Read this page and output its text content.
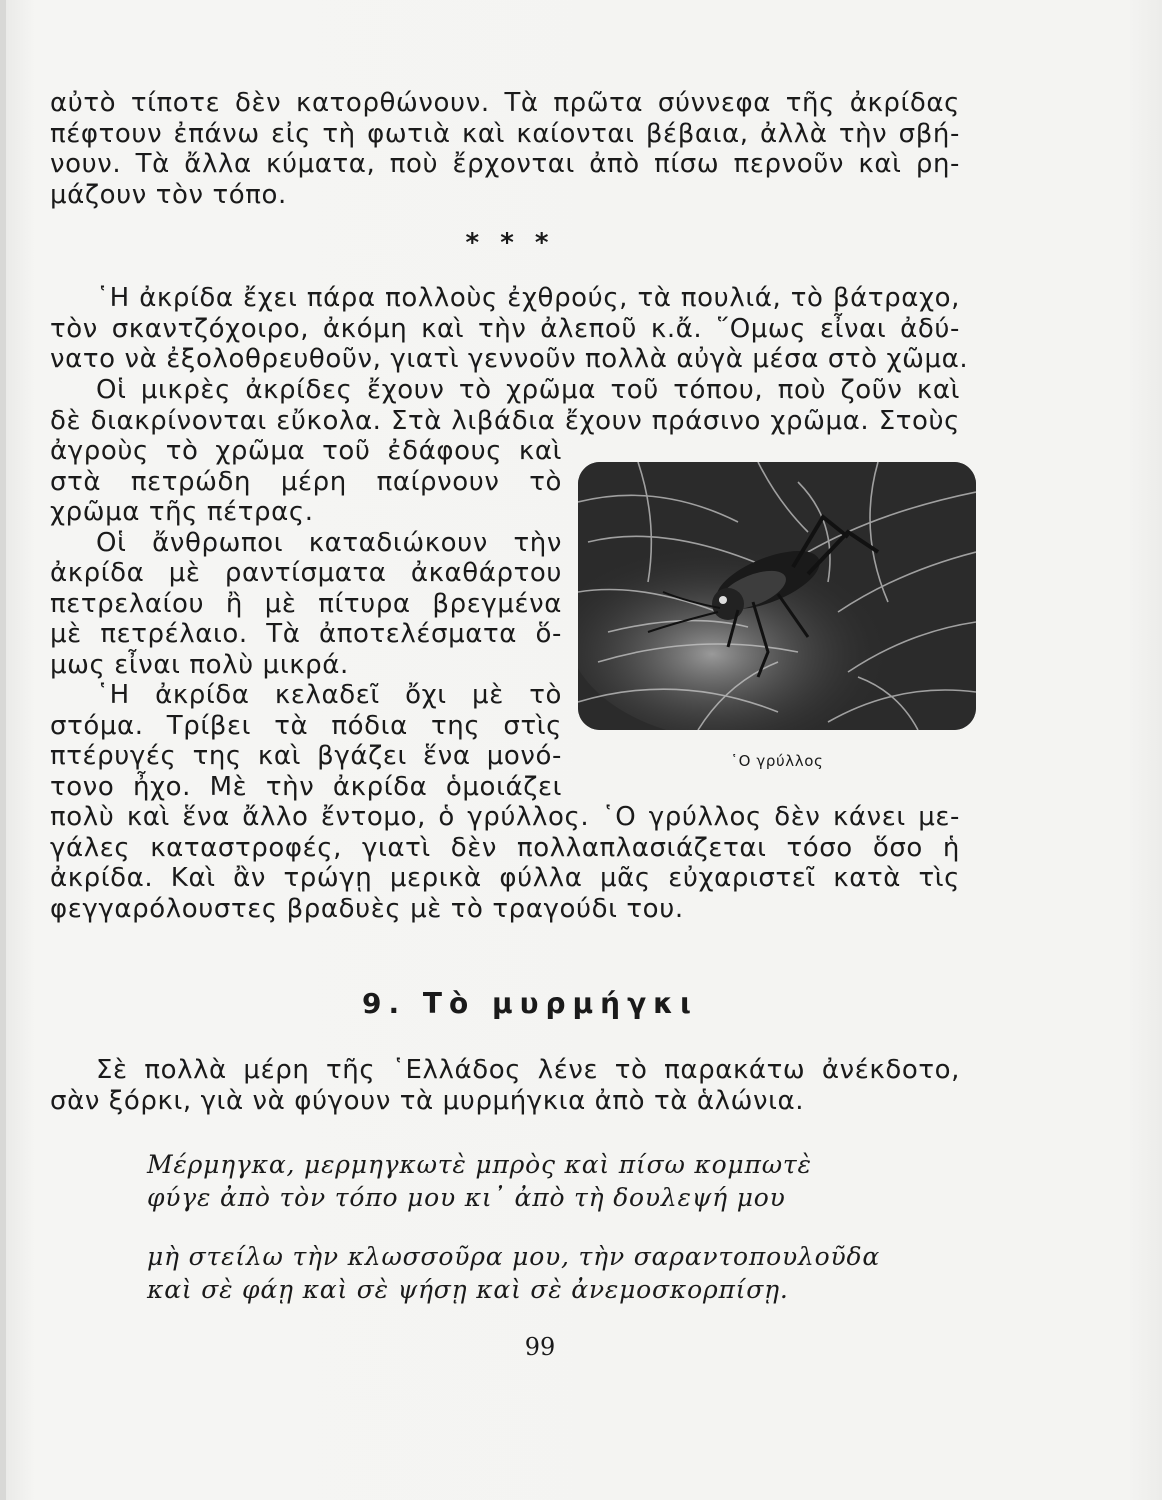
αὐτὸ τίποτε δὲν κατορθώνουν. Τὰ πρῶτα σύννεφα τῆς ἀκρίδας
πέφτουν ἐπάνω εἰς τὴ φωτιὰ καὶ καίονται βέβαια, ἀλλὰ τὴν σβή-
νουν. Τὰ ἄλλα κύματα, ποὺ ἔρχονται ἀπὸ πίσω περνοῦν καὶ ρη-
μάζουν τὸν τόπο.
* * *
῾Η ἀκρίδα ἔχει πάρα πολλοὺς ἐχθρούς, τὰ πουλιά, τὸ βάτραχο,
τὸν σκαντζόχοιρο, ἀκόμη καὶ τὴν ἀλεποῦ κ.ἄ. ῞Ομως εἶναι ἀδύ-
νατο νὰ ἐξολοθρευθοῦν, γιατὶ γεννοῦν πολλὰ αὐγὰ μέσα στὸ χῶμα.
Οἱ μικρὲς ἀκρίδες ἔχουν τὸ χρῶμα τοῦ τόπου, ποὺ ζοῦν καὶ
δὲ διακρίνονται εὔκολα. Στὰ λιβάδια ἔχουν πράσινο χρῶμα. Στοὺς
ἀγροὺς τὸ χρῶμα τοῦ ἐδάφους καὶ
στὰ πετρώδη μέρη παίρνουν τὸ
χρῶμα τῆς πέτρας.
Οἱ ἄνθρωποι καταδιώκουν τὴν
ἀκρίδα μὲ ραντίσματα ἀκαθάρτου
πετρελαίου ἢ μὲ πίτυρα βρεγμένα
μὲ πετρέλαιο. Τὰ ἀποτελέσματα ὅ-
μως εἶναι πολὺ μικρά.
῾Η ἀκρίδα κελαδεῖ ὄχι μὲ τὸ
στόμα. Τρίβει τὰ πόδια της στὶς
πτέρυγές της καὶ βγάζει ἕνα μονό-
τονο ἦχο. Μὲ τὴν ἀκρίδα ὁμοιάζει
῾Ο γρύλλος
πολὺ καὶ ἕνα ἄλλο ἔντομο, ὁ γρύλλος. ῾Ο γρύλλος δὲν κάνει με-
γάλες καταστροφές, γιατὶ δὲν πολλαπλασιάζεται τόσο ὅσο ἡ
ἀκρίδα. Καὶ ἂν τρώγῃ μερικὰ φύλλα μᾶς εὐχαριστεῖ κατὰ τὶς
φεγγαρόλουστες βραδυὲς μὲ τὸ τραγούδι του.
9. Τὸ μυρμήγκι
Σὲ πολλὰ μέρη τῆς ῾Ελλάδος λένε τὸ παρακάτω ἀνέκδοτο,
σὰν ξόρκι, γιὰ νὰ φύγουν τὰ μυρμήγκια ἀπὸ τὰ ἁλώνια.
Μέρμηγκα, μερμηγκωτὲ μπρὸς καὶ πίσω κομπωτὲ
φύγε ἀπὸ τὸν τόπο μου κι᾿ ἀπὸ τὴ δουλεψή μου
μὴ στείλω τὴν κλωσσοῦρα μου, τὴν σαραντοπουλοῦδα
καὶ σὲ φάῃ καὶ σὲ ψήσῃ καὶ σὲ ἀνεμοσκορπίσῃ.
99
